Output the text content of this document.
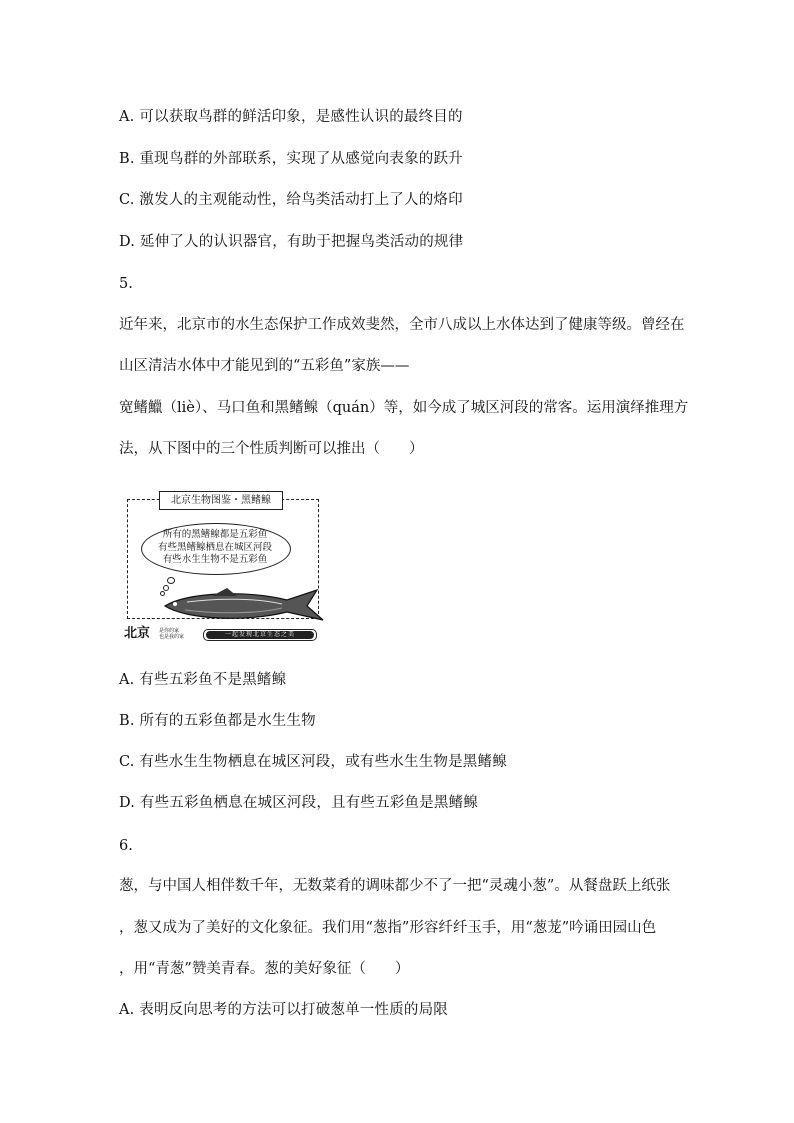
A. 可以获取鸟群的鲜活印象，是感性认识的最终目的
B. 重现鸟群的外部联系，实现了从感觉向表象的跃升
C. 激发人的主观能动性，给鸟类活动打上了人的烙印
D. 延伸了人的认识器官，有助于把握鸟类活动的规律
5.
近年来，北京市的水生态保护工作成效斐然，全市八成以上水体达到了健康等级。曾经在
山区清洁水体中才能见到的“五彩鱼”家族——
宽鳍鱲（liè）、马口鱼和黑鳍鳈（quán）等，如今成了城区河段的常客。运用演绎推理方
法，从下图中的三个性质判断可以推出（　　）
北京生物图鉴・黑鳍鳈
所有的黑鳍鳈都是五彩鱼
有些黑鳍鳈栖息在城区河段
有些水生生物不是五彩鱼
北京 是你的家
也是我的家	一起发现北京生态之美
A. 有些五彩鱼不是黑鳍鳈
B. 所有的五彩鱼都是水生生物
C. 有些水生生物栖息在城区河段，或有些水生生物是黑鳍鳈
D. 有些五彩鱼栖息在城区河段，且有些五彩鱼是黑鳍鳈
6.
葱，与中国人相伴数千年，无数菜肴的调味都少不了一把“灵魂小葱”。从餐盘跃上纸张
，葱又成为了美好的文化象征。我们用“葱指”形容纤纤玉手，用“葱茏”吟诵田园山色
，用“青葱”赞美青春。葱的美好象征（　　）
A. 表明反向思考的方法可以打破葱单一性质的局限
